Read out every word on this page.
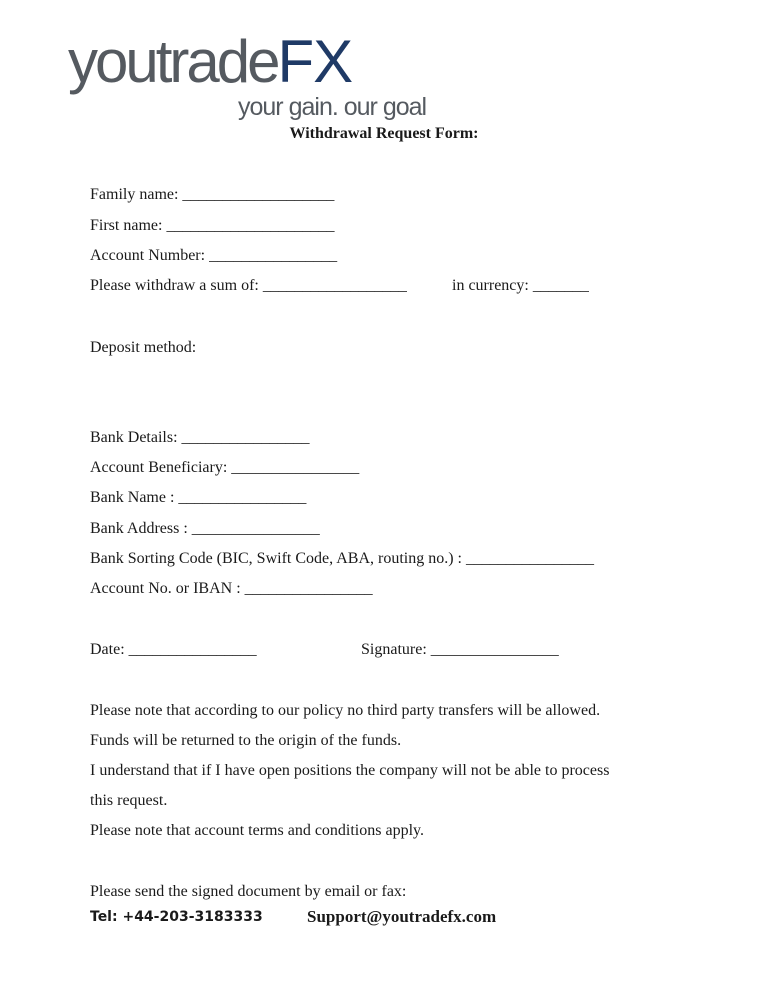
youtradeFX
your gain. our goal
Withdrawal Request Form:
Family name: ___________________
First name: _____________________
Account Number: ________________
Please withdraw a sum of: __________________	in currency: _______
Deposit method:
Bank Details: ________________
Account Beneficiary: ________________
Bank Name : ________________
Bank Address : ________________
Bank Sorting Code (BIC, Swift Code, ABA, routing no.) : ________________
Account No. or IBAN : ________________
Date: ________________	Signature: ________________
Please note that according to our policy no third party transfers will be allowed.
Funds will be returned to the origin of the funds.
I understand that if I have open positions the company will not be able to process
this request.
Please note that account terms and conditions apply.
Please send the signed document by email or fax:
Tel: +44-203-3183333	Support@youtradefx.com
